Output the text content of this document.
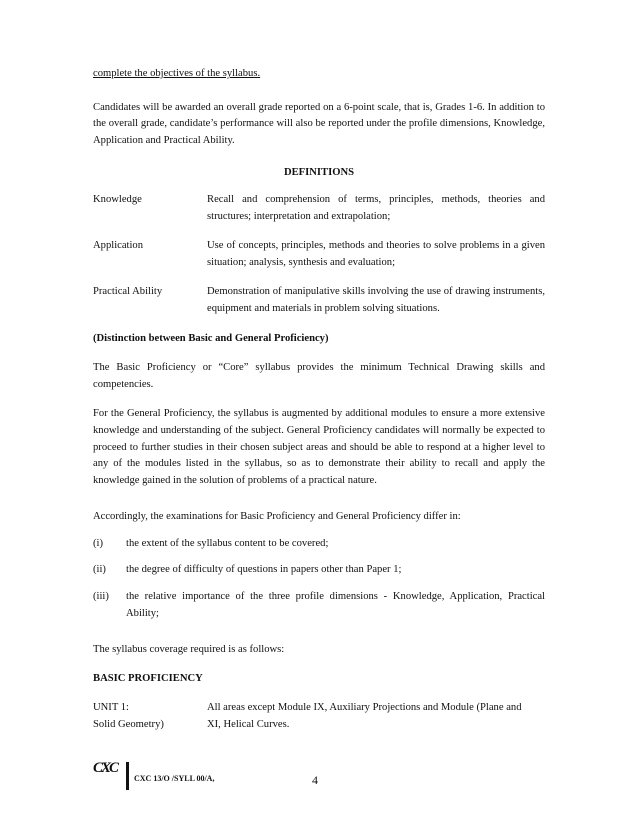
complete the objectives of the syllabus.

Candidates will be awarded an overall grade reported on a 6-point scale, that is, Grades 1-6. In addition to the overall grade, candidate’s performance will also be reported under the profile dimensions, Knowledge, Application and Practical Ability.

DEFINITIONS

Knowledge	Recall and comprehension of terms, principles, methods, theories and structures; interpretation and extrapolation;
Application	Use of concepts, principles, methods and theories to solve problems in a given situation; analysis, synthesis and evaluation;
Practical Ability	Demonstration of manipulative skills involving the use of drawing instruments, equipment and materials in problem solving situations.

(Distinction between Basic and General Proficiency)

The Basic Proficiency or “Core” syllabus provides the minimum Technical Drawing skills and competencies.

For the General Proficiency, the syllabus is augmented by additional modules to ensure a more extensive knowledge and understanding of the subject. General Proficiency candidates will normally be expected to proceed to further studies in their chosen subject areas and should be able to respond at a higher level to any of the modules listed in the syllabus, so as to demonstrate their ability to recall and apply the knowledge gained in the solution of problems of a practical nature.

Accordingly, the examinations for Basic Proficiency and General Proficiency differ in:

(i)	the extent of the syllabus content to be covered;
(ii)	the degree of difficulty of questions in papers other than Paper 1;
(iii)	the relative importance of the three profile dimensions - Knowledge, Application, Practical Ability;

The syllabus coverage required is as follows:

BASIC PROFICIENCY

UNIT 1:	All areas except Module IX, Auxiliary Projections and Module (Plane and
Solid Geometry)	XI, Helical Curves.
CXC
CXC 13/O /SYLL 00/A,	4
